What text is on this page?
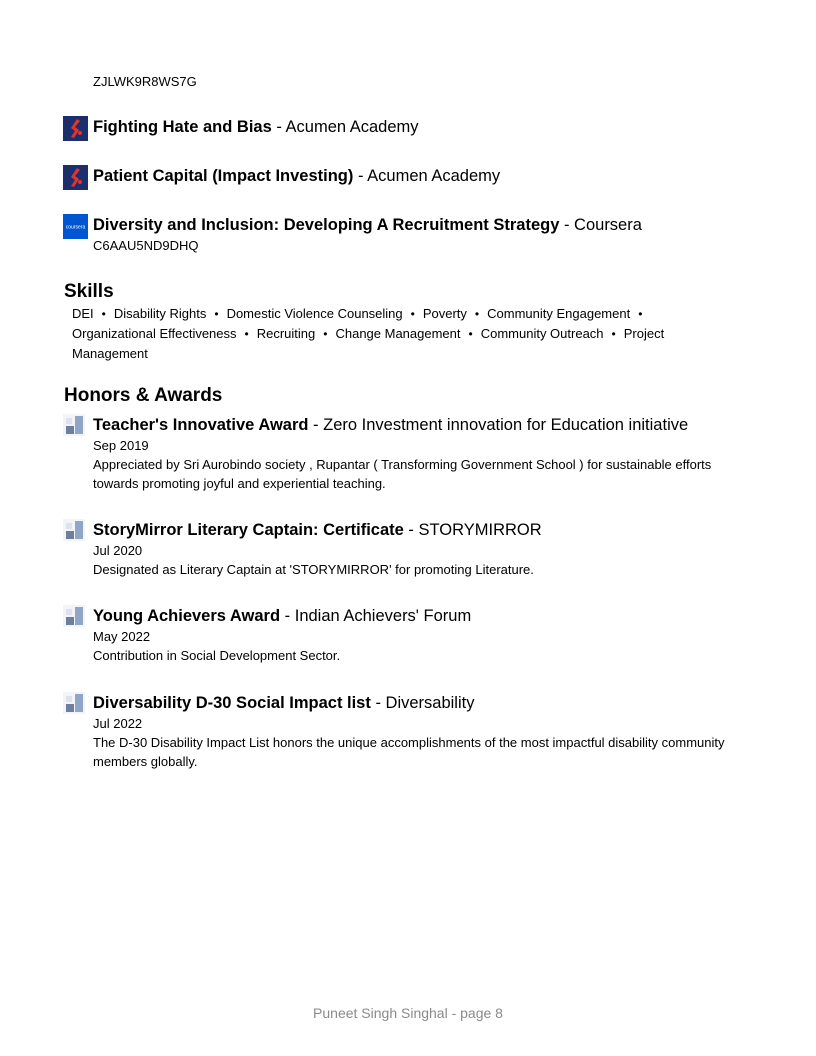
ZJLWK9R8WS7G
Fighting Hate and Bias - Acumen Academy
Patient Capital (Impact Investing) - Acumen Academy
coursera Diversity and Inclusion: Developing A Recruitment Strategy - Coursera
C6AAU5ND9DHQ
Skills
DEI • Disability Rights • Domestic Violence Counseling • Poverty • Community Engagement •
Organizational Effectiveness • Recruiting • Change Management • Community Outreach • Project Management
Honors & Awards
Teacher's Innovative Award - Zero Investment innovation for Education initiative
Sep 2019
Appreciated by Sri Aurobindo society , Rupantar ( Transforming Government School ) for sustainable efforts towards promoting joyful and experiential teaching.
StoryMirror Literary Captain: Certificate - STORYMIRROR
Jul 2020
Designated as Literary Captain at 'STORYMIRROR' for promoting Literature.
Young Achievers Award - Indian Achievers' Forum
May 2022
Contribution in Social Development Sector.
Diversability D-30 Social Impact list - Diversability
Jul 2022
The D-30 Disability Impact List honors the unique accomplishments of the most impactful disability community members globally.
Puneet Singh Singhal - page 8
